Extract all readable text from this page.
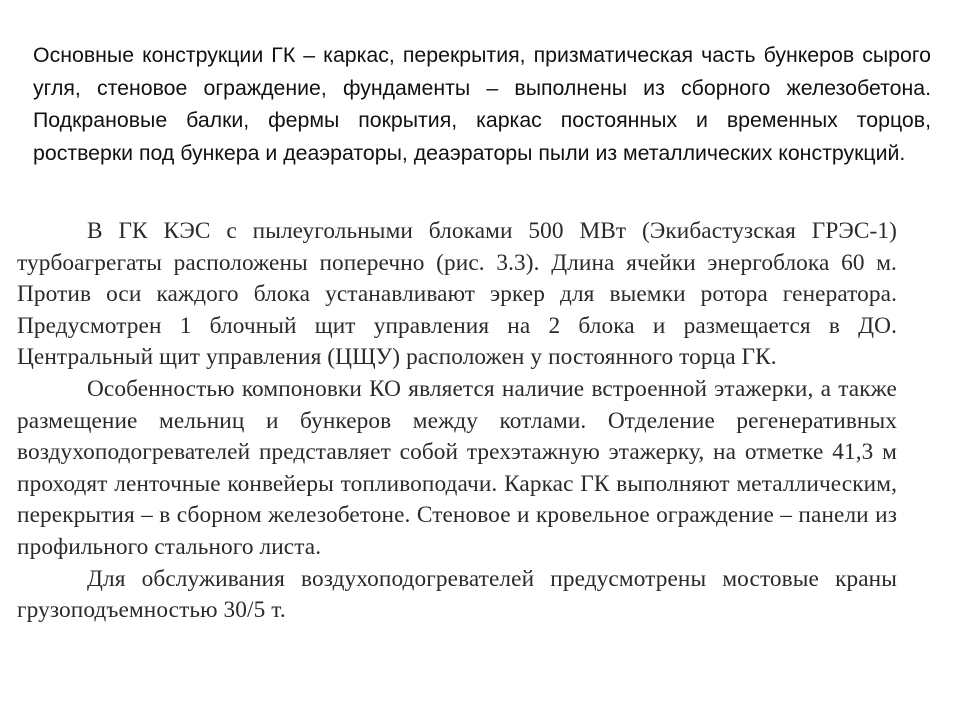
Основные конструкции ГК – каркас, перекрытия, призматическая часть бункеров сырого угля, стеновое ограждение, фундаменты – выполнены из сборного железобетона. Подкрановые балки, фермы покрытия, каркас постоянных и временных торцов, ростверки под бункера и деаэраторы, деаэраторы пыли из металлических конструкций.

В ГК КЭС с пылеугольными блоками 500 МВт (Экибастузская ГРЭС-1) турбоагрегаты расположены поперечно (рис. 3.3). Длина ячейки энергоблока 60 м. Против оси каждого блока устанавливают эркер для выемки ротора генератора. Предусмотрен 1 блочный щит управления на 2 блока и размещается в ДО. Центральный щит управления (ЦЩУ) расположен у постоянного торца ГК.

Особенностью компоновки КО является наличие встроенной этажерки, а также размещение мельниц и бункеров между котлами. Отделение регенеративных воздухоподогревателей представляет собой трехэтажную этажерку, на отметке 41,3 м проходят ленточные конвейеры топливоподачи. Каркас ГК выполняют металлическим, перекрытия – в сборном железобетоне. Стеновое и кровельное ограждение – панели из профильного стального листа.

Для обслуживания воздухоподогревателей предусмотрены мостовые краны грузоподъемностью 30/5 т.
